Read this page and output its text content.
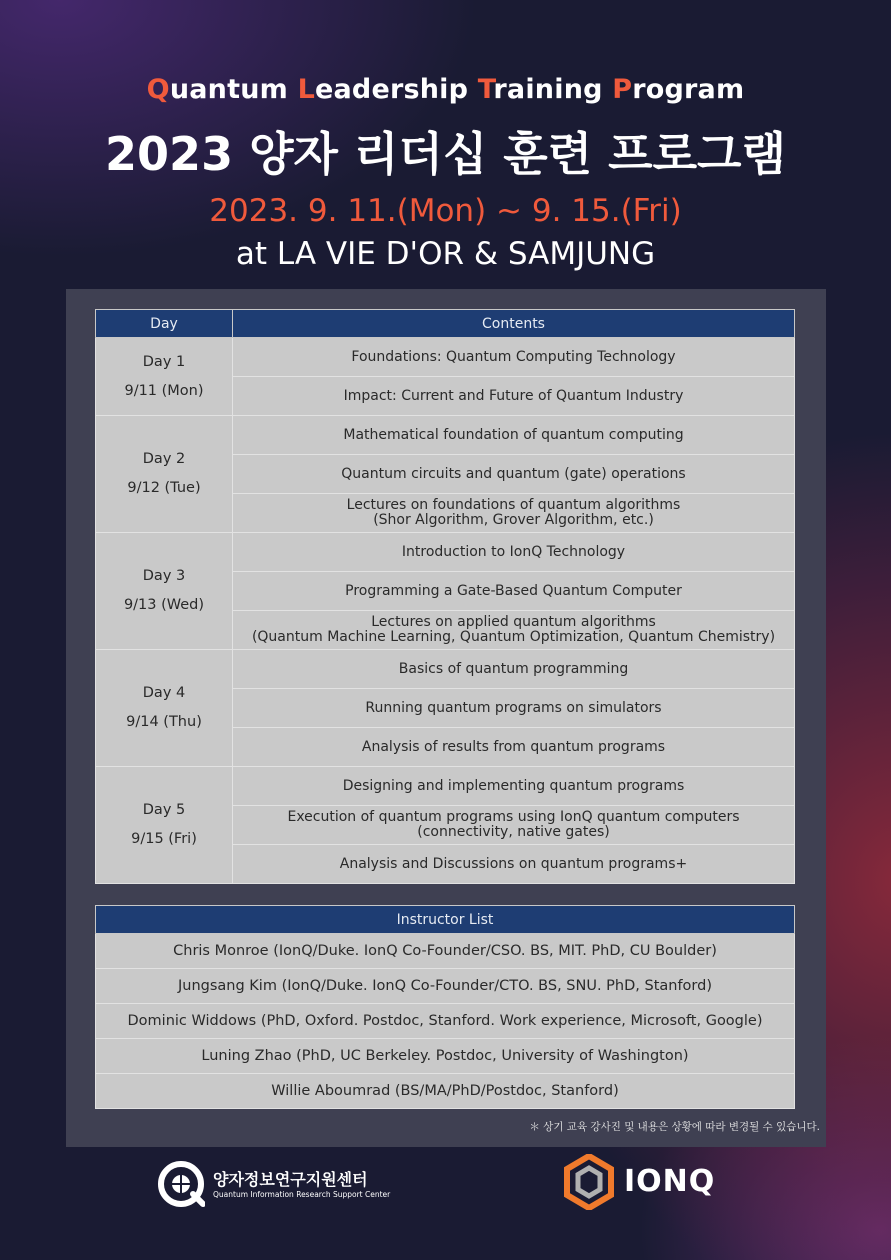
Quantum Leadership Training Program
2023 양자 리더십 훈련 프로그램
2023. 9. 11.(Mon) ~ 9. 15.(Fri)
at LA VIE D'OR & SAMJUNG
Day	Contents

Day 1
9/11 (Mon)	Foundations: Quantum Computing Technology
	Impact: Current and Future of Quantum Industry

Day 2
9/12 (Tue)	Mathematical foundation of quantum computing
	Quantum circuits and quantum (gate) operations
	Lectures on foundations of quantum algorithms
(Shor Algorithm, Grover Algorithm, etc.)

Day 3
9/13 (Wed)	Introduction to IonQ Technology
	Programming a Gate-Based Quantum Computer
	Lectures on applied quantum algorithms
(Quantum Machine Learning, Quantum Optimization, Quantum Chemistry)

Day 4
9/14 (Thu)	Basics of quantum programming
	Running quantum programs on simulators
	Analysis of results from quantum programs

Day 5
9/15 (Fri)	Designing and implementing quantum programs
	Execution of quantum programs using IonQ quantum computers
(connectivity, native gates)
	Analysis and Discussions on quantum programs+
Instructor List
Chris Monroe (IonQ/Duke. IonQ Co-Founder/CSO. BS, MIT. PhD, CU Boulder)
Jungsang Kim (IonQ/Duke. IonQ Co-Founder/CTO. BS, SNU. PhD, Stanford)
Dominic Widdows (PhD, Oxford. Postdoc, Stanford. Work experience, Microsoft, Google)
Luning Zhao (PhD, UC Berkeley. Postdoc, University of Washington)
Willie Aboumrad (BS/MA/PhD/Postdoc, Stanford)
＊ 상기 교육 강사진 및 내용은 상황에 따라 변경될 수 있습니다.
양자정보연구지원센터
Quantum Information Research Support Center	IONQ
